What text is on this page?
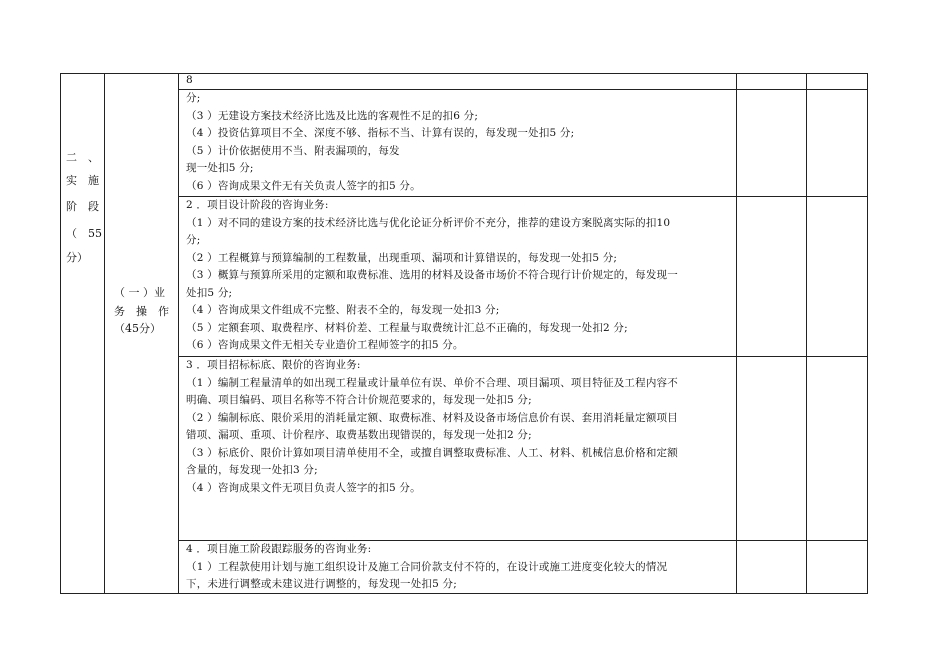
二　、
实　施
阶　段
（　55
分）
（ 一 ）业
务　操　作
（45分）
8
分;
（3 ）无建设方案技术经济比选及比选的客观性不足的扣6 分;
（4 ）投资估算项目不全、深度不够、指标不当、计算有误的，每发现一处扣5 分;
（5 ）计价依据使用不当、附表漏项的，每发
现一处扣5 分;
（6 ）咨询成果文件无有关负责人签字的扣5 分。
2 ．项目设计阶段的咨询业务:
（1 ）对不同的建设方案的技术经济比选与优化论证分析评价不充分，推荐的建设方案脱离实际的扣10
分;
（2 ）工程概算与预算编制的工程数量，出现重项、漏项和计算错误的，每发现一处扣5 分;
（3 ）概算与预算所采用的定额和取费标准、选用的材料及设备市场价不符合现行计价规定的，每发现一
处扣5 分;
（4 ）咨询成果文件组成不完整、附表不全的，每发现一处扣3 分;
（5 ）定额套项、取费程序、材料价差、工程量与取费统计汇总不正确的，每发现一处扣2 分;
（6 ）咨询成果文件无相关专业造价工程师签字的扣5 分。
3 ．项目招标标底、限价的咨询业务:
（1 ）编制工程量清单的如出现工程量或计量单位有误、单价不合理、项目漏项、项目特征及工程内容不
明确、项目编码、项目名称等不符合计价规范要求的，每发现一处扣5 分;
（2 ）编制标底、限价采用的消耗量定额、取费标准、材料及设备市场信息价有误、套用消耗量定额项目
错项、漏项、重项、计价程序、取费基数出现错误的，每发现一处扣2 分;
（3 ）标底价、限价计算如项目清单使用不全，或擅自调整取费标准、人工、材料、机械信息价格和定额
含量的，每发现一处扣3 分;
（4 ）咨询成果文件无项目负责人签字的扣5 分。
4 ．项目施工阶段跟踪服务的咨询业务:
（1 ）工程款使用计划与施工组织设计及施工合同价款支付不符的，在设计或施工进度变化较大的情况
下，未进行调整或未建议进行调整的，每发现一处扣5 分;
